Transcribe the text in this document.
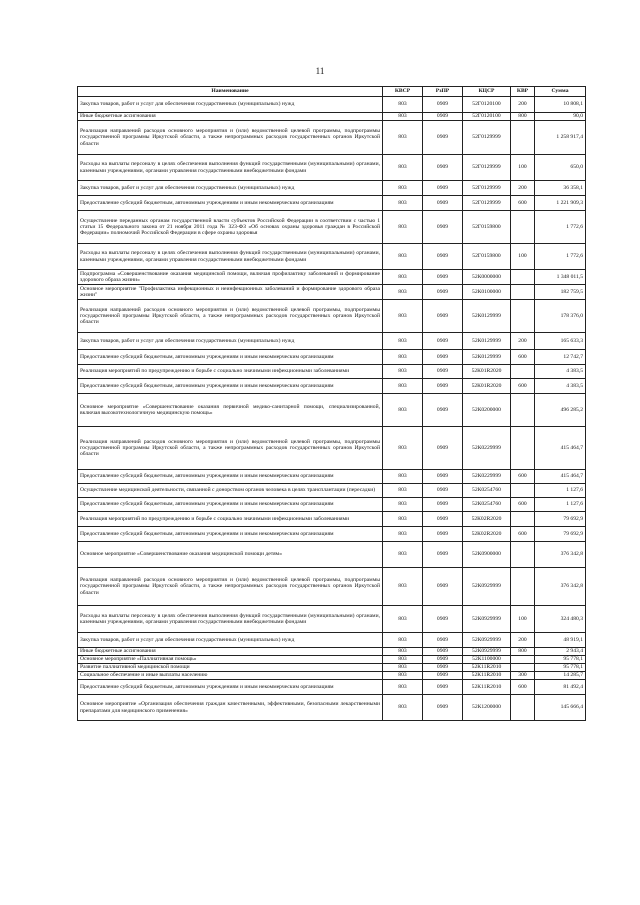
11
Наименование	КВСР	РзПР	КЦСР	КВР	Сумма
Закупка товаров, работ и услуг для обеспечения государственных (муниципальных) нужд	803	0909	52Г0120100	200	10 808,1
Иные бюджетные ассигнования	803	0909	52Г0120100	800	90,0
Реализация направлений расходов основного мероприятия и (или) ведомственной целевой программы, подпрограммы государственной программы Иркутской области, а также непрограммных расходов государственных органов Иркутской области	803	0909	52Г0129999		1 258 917,4
Расходы на выплаты персоналу в целях обеспечения выполнения функций государственными (муниципальными) органами, казенными учреждениями, органами управления государственными внебюджетными фондами	803	0909	52Г0129999	100	650,0
Закупка товаров, работ и услуг для обеспечения государственных (муниципальных) нужд	803	0909	52Г0129999	200	36 358,1
Предоставление субсидий бюджетным, автономным учреждениям и иным некоммерческим организациям	803	0909	52Г0129999	600	1 221 909,3
Осуществление переданных органам государственной власти субъектов Российской Федерации в соответствии с частью 1 статьи 15 Федерального закона от 21 ноября 2011 года № 323-ФЗ «Об основах охраны здоровья граждан в Российской Федерации» полномочий Российской Федерации в сфере охраны здоровья	803	0909	52Г0159800		1 772,6
Расходы на выплаты персоналу в целях обеспечения выполнения функций государственными (муниципальными) органами, казенными учреждениями, органами управления государственными внебюджетными фондами	803	0909	52Г0159800	100	1 772,6
Подпрограмма «Совершенствование оказания медицинской помощи, включая профилактику заболеваний и формирование здорового образа жизни»	803	0909	52К0000000		1 348 011,5
Основное мероприятие "Профилактика инфекционных и неинфекционных заболеваний и формирование здорового образа жизни"	803	0909	52К0100000		182 759,5
Реализация направлений расходов основного мероприятия и (или) ведомственной целевой программы, подпрограммы государственной программы Иркутской области, а также непрограммных расходов государственных органов Иркутской области	803	0909	52К0129999		178 376,0
Закупка товаров, работ и услуг для обеспечения государственных (муниципальных) нужд	803	0909	52К0129999	200	165 633,3
Предоставление субсидий бюджетным, автономным учреждениям и иным некоммерческим организациям	803	0909	52К0129999	600	12 742,7
Реализация мероприятий по предупреждению и борьбе с социально значимыми инфекционными заболеваниями	803	0909	52К01R2020		4 383,5
Предоставление субсидий бюджетным, автономным учреждениям и иным некоммерческим организациям	803	0909	52К01R2020	600	4 383,5
Основное мероприятие «Совершенствование оказания первичной медико-санитарной помощи, специализированной, включая высокотехнологичную медицинскую помощь»	803	0909	52К0200000		496 285,2
Реализация направлений расходов основного мероприятия и (или) ведомственной целевой программы, подпрограммы государственной программы Иркутской области, а также непрограммных расходов государственных органов Иркутской области	803	0909	52К0229999		415 464,7
Предоставление субсидий бюджетным, автономным учреждениям и иным некоммерческим организациям	803	0909	52К0229999	600	415 464,7
Осуществление медицинской деятельности, связанной с донорством органов человека в целях трансплантации (пересадки)	803	0909	52К0254760		1 127,6
Предоставление субсидий бюджетным, автономным учреждениям и иным некоммерческим организациям	803	0909	52К0254760	600	1 127,6
Реализация мероприятий по предупреждению и борьбе с социально значимыми инфекционными заболеваниями	803	0909	52К02R2020		79 692,9
Предоставление субсидий бюджетным, автономным учреждениям и иным некоммерческим организациям	803	0909	52К02R2020	600	79 692,9
Основное мероприятие «Совершенствование оказания медицинской помощи детям»	803	0909	52К0900000		376 342,8
Реализация направлений расходов основного мероприятия и (или) ведомственной целевой программы, подпрограммы государственной программы Иркутской области, а также непрограммных расходов государственных органов Иркутской области	803	0909	52К0929999		376 342,8
Расходы на выплаты персоналу в целях обеспечения выполнения функций государственными (муниципальными) органами, казенными учреждениями, органами управления государственными внебюджетными фондами	803	0909	52К0929999	100	324 480,3
Закупка товаров, работ и услуг для обеспечения государственных (муниципальных) нужд	803	0909	52К0929999	200	48 919,1
Иные бюджетные ассигнования	803	0909	52К0929999	800	2 943,4
Основное мероприятие «Паллиативная помощь»	803	0909	52К1100000		95 778,1
Развитие паллиативной медицинской помощи	803	0909	52К11R2010		95 778,1
Социальное обеспечение и иные выплаты населению	803	0909	52К11R2010	300	14 285,7
Предоставление субсидий бюджетным, автономным учреждениям и иным некоммерческим организациям	803	0909	52К11R2010	600	81 492,4
Основное мероприятие «Организация обеспечения граждан качественными, эффективными, безопасными лекарственными препаратами для медицинского применения»	803	0909	52К1200000		145 666,4
